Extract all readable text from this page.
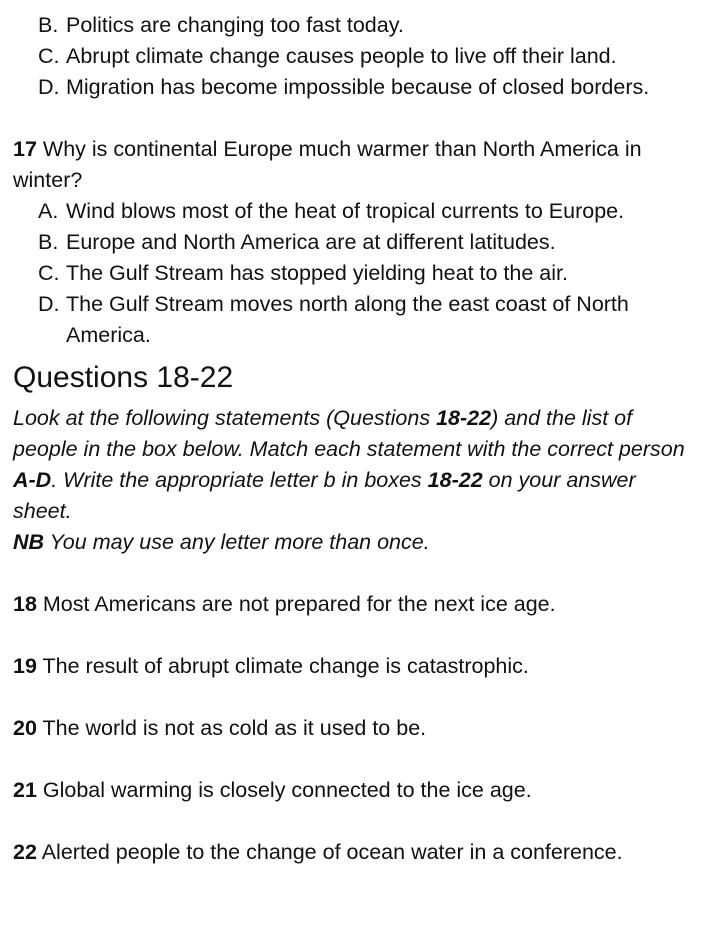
B. Politics are changing too fast today.
C. Abrupt climate change causes people to live off their land.
D. Migration has become impossible because of closed borders.

17 Why is continental Europe much warmer than North America in winter?

A. Wind blows most of the heat of tropical currents to Europe.
B. Europe and North America are at different latitudes.
C. The Gulf Stream has stopped yielding heat to the air.
D. The Gulf Stream moves north along the east coast of North America.
Questions 18-22

Look at the following statements (Questions 18-22) and the list of people in the box below. Match each statement with the correct person A-D. Write the appropriate letter b in boxes 18-22 on your answer sheet.

NB You may use any letter more than once.

18 Most Americans are not prepared for the next ice age.

19 The result of abrupt climate change is catastrophic.

20 The world is not as cold as it used to be.

21 Global warming is closely connected to the ice age.

22 Alerted people to the change of ocean water in a conference.
